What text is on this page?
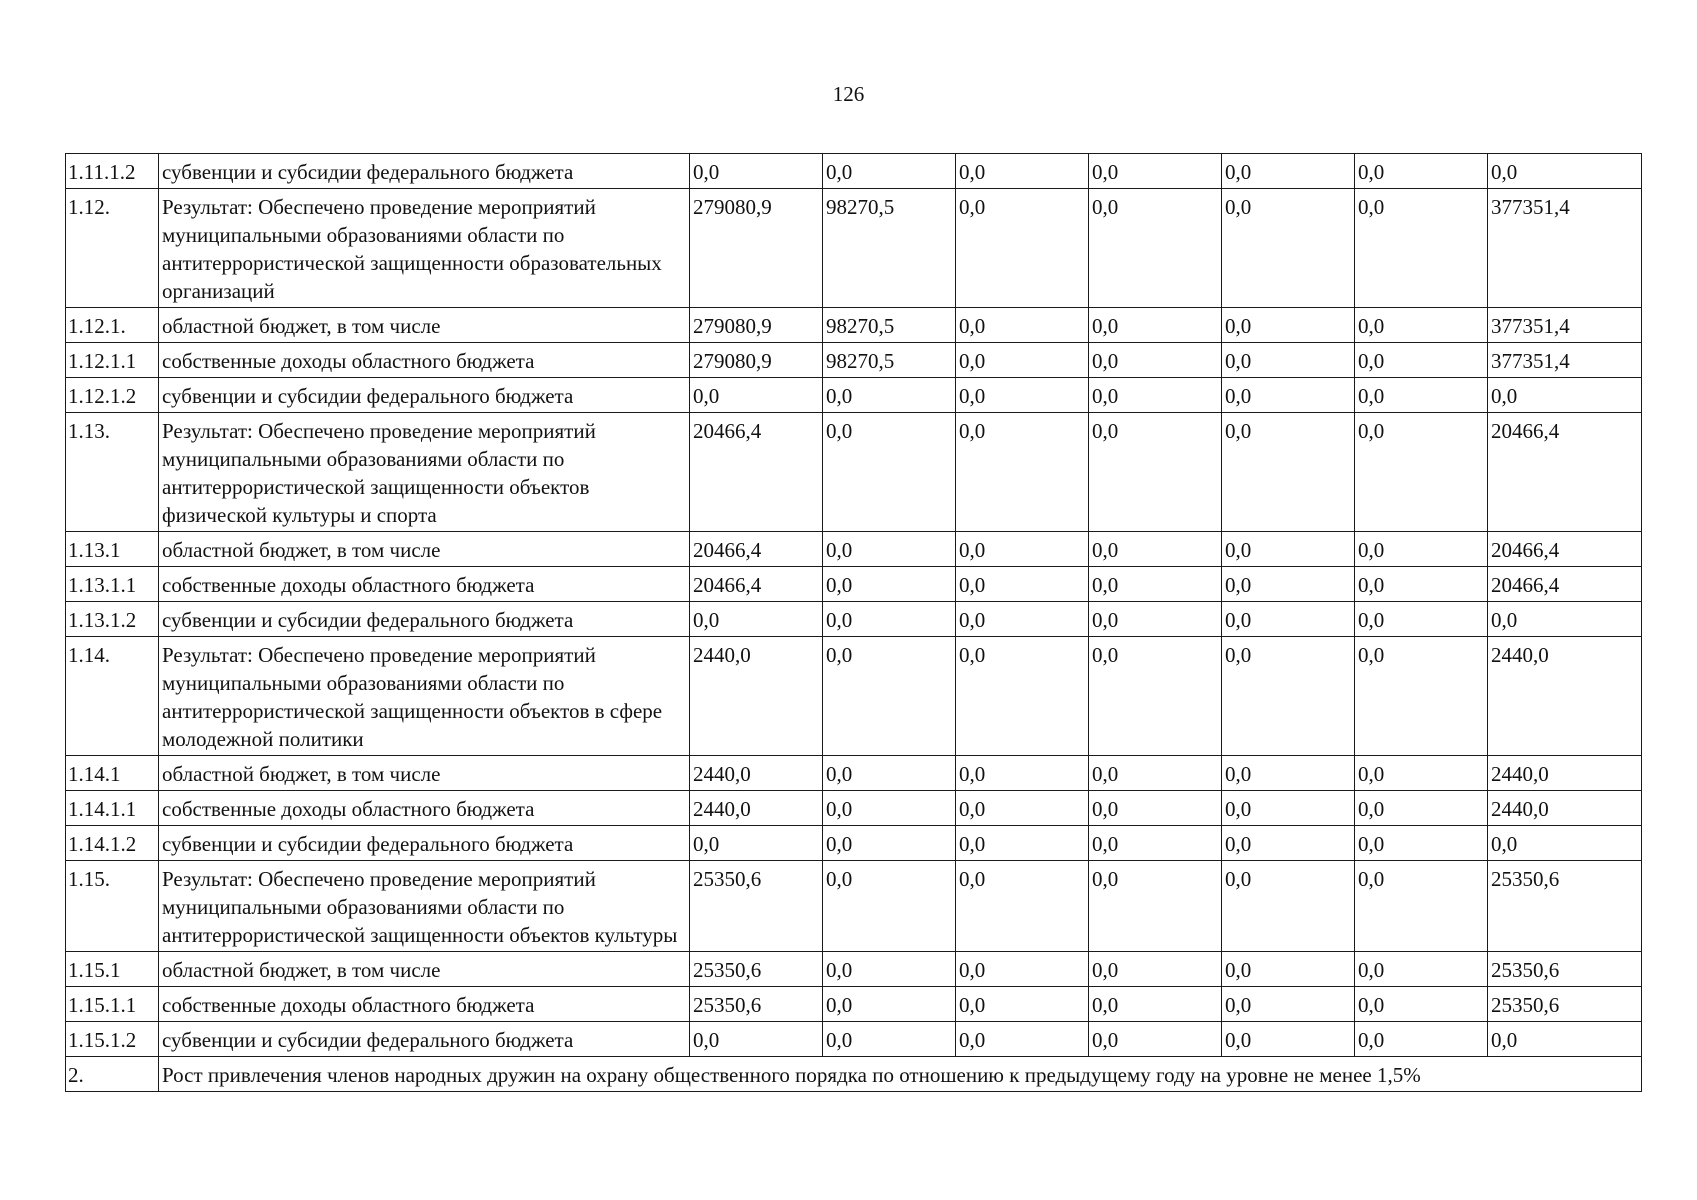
126
1.11.1.2	субвенции и субсидии федерального бюджета	0,0	0,0	0,0	0,0	0,0	0,0	0,0
1.12.	Результат: Обеспечено проведение мероприятий муниципальными образованиями области по антитеррористической защищенности образовательных организаций	279080,9	98270,5	0,0	0,0	0,0	0,0	377351,4
1.12.1.	областной бюджет, в том числе	279080,9	98270,5	0,0	0,0	0,0	0,0	377351,4
1.12.1.1	собственные доходы областного бюджета	279080,9	98270,5	0,0	0,0	0,0	0,0	377351,4
1.12.1.2	субвенции и субсидии федерального бюджета	0,0	0,0	0,0	0,0	0,0	0,0	0,0
1.13.	Результат: Обеспечено проведение мероприятий муниципальными образованиями области по антитеррористической защищенности объектов физической культуры и спорта	20466,4	0,0	0,0	0,0	0,0	0,0	20466,4
1.13.1	областной бюджет, в том числе	20466,4	0,0	0,0	0,0	0,0	0,0	20466,4
1.13.1.1	собственные доходы областного бюджета	20466,4	0,0	0,0	0,0	0,0	0,0	20466,4
1.13.1.2	субвенции и субсидии федерального бюджета	0,0	0,0	0,0	0,0	0,0	0,0	0,0
1.14.	Результат: Обеспечено проведение мероприятий муниципальными образованиями области по антитеррористической защищенности объектов в сфере молодежной политики	2440,0	0,0	0,0	0,0	0,0	0,0	2440,0
1.14.1	областной бюджет, в том числе	2440,0	0,0	0,0	0,0	0,0	0,0	2440,0
1.14.1.1	собственные доходы областного бюджета	2440,0	0,0	0,0	0,0	0,0	0,0	2440,0
1.14.1.2	субвенции и субсидии федерального бюджета	0,0	0,0	0,0	0,0	0,0	0,0	0,0
1.15.	Результат: Обеспечено проведение мероприятий муниципальными образованиями области по антитеррористической защищенности объектов культуры	25350,6	0,0	0,0	0,0	0,0	0,0	25350,6
1.15.1	областной бюджет, в том числе	25350,6	0,0	0,0	0,0	0,0	0,0	25350,6
1.15.1.1	собственные доходы областного бюджета	25350,6	0,0	0,0	0,0	0,0	0,0	25350,6
1.15.1.2	субвенции и субсидии федерального бюджета	0,0	0,0	0,0	0,0	0,0	0,0	0,0
2.	Рост привлечения членов народных дружин на охрану общественного порядка по отношению к предыдущему году на уровне не менее 1,5%							
